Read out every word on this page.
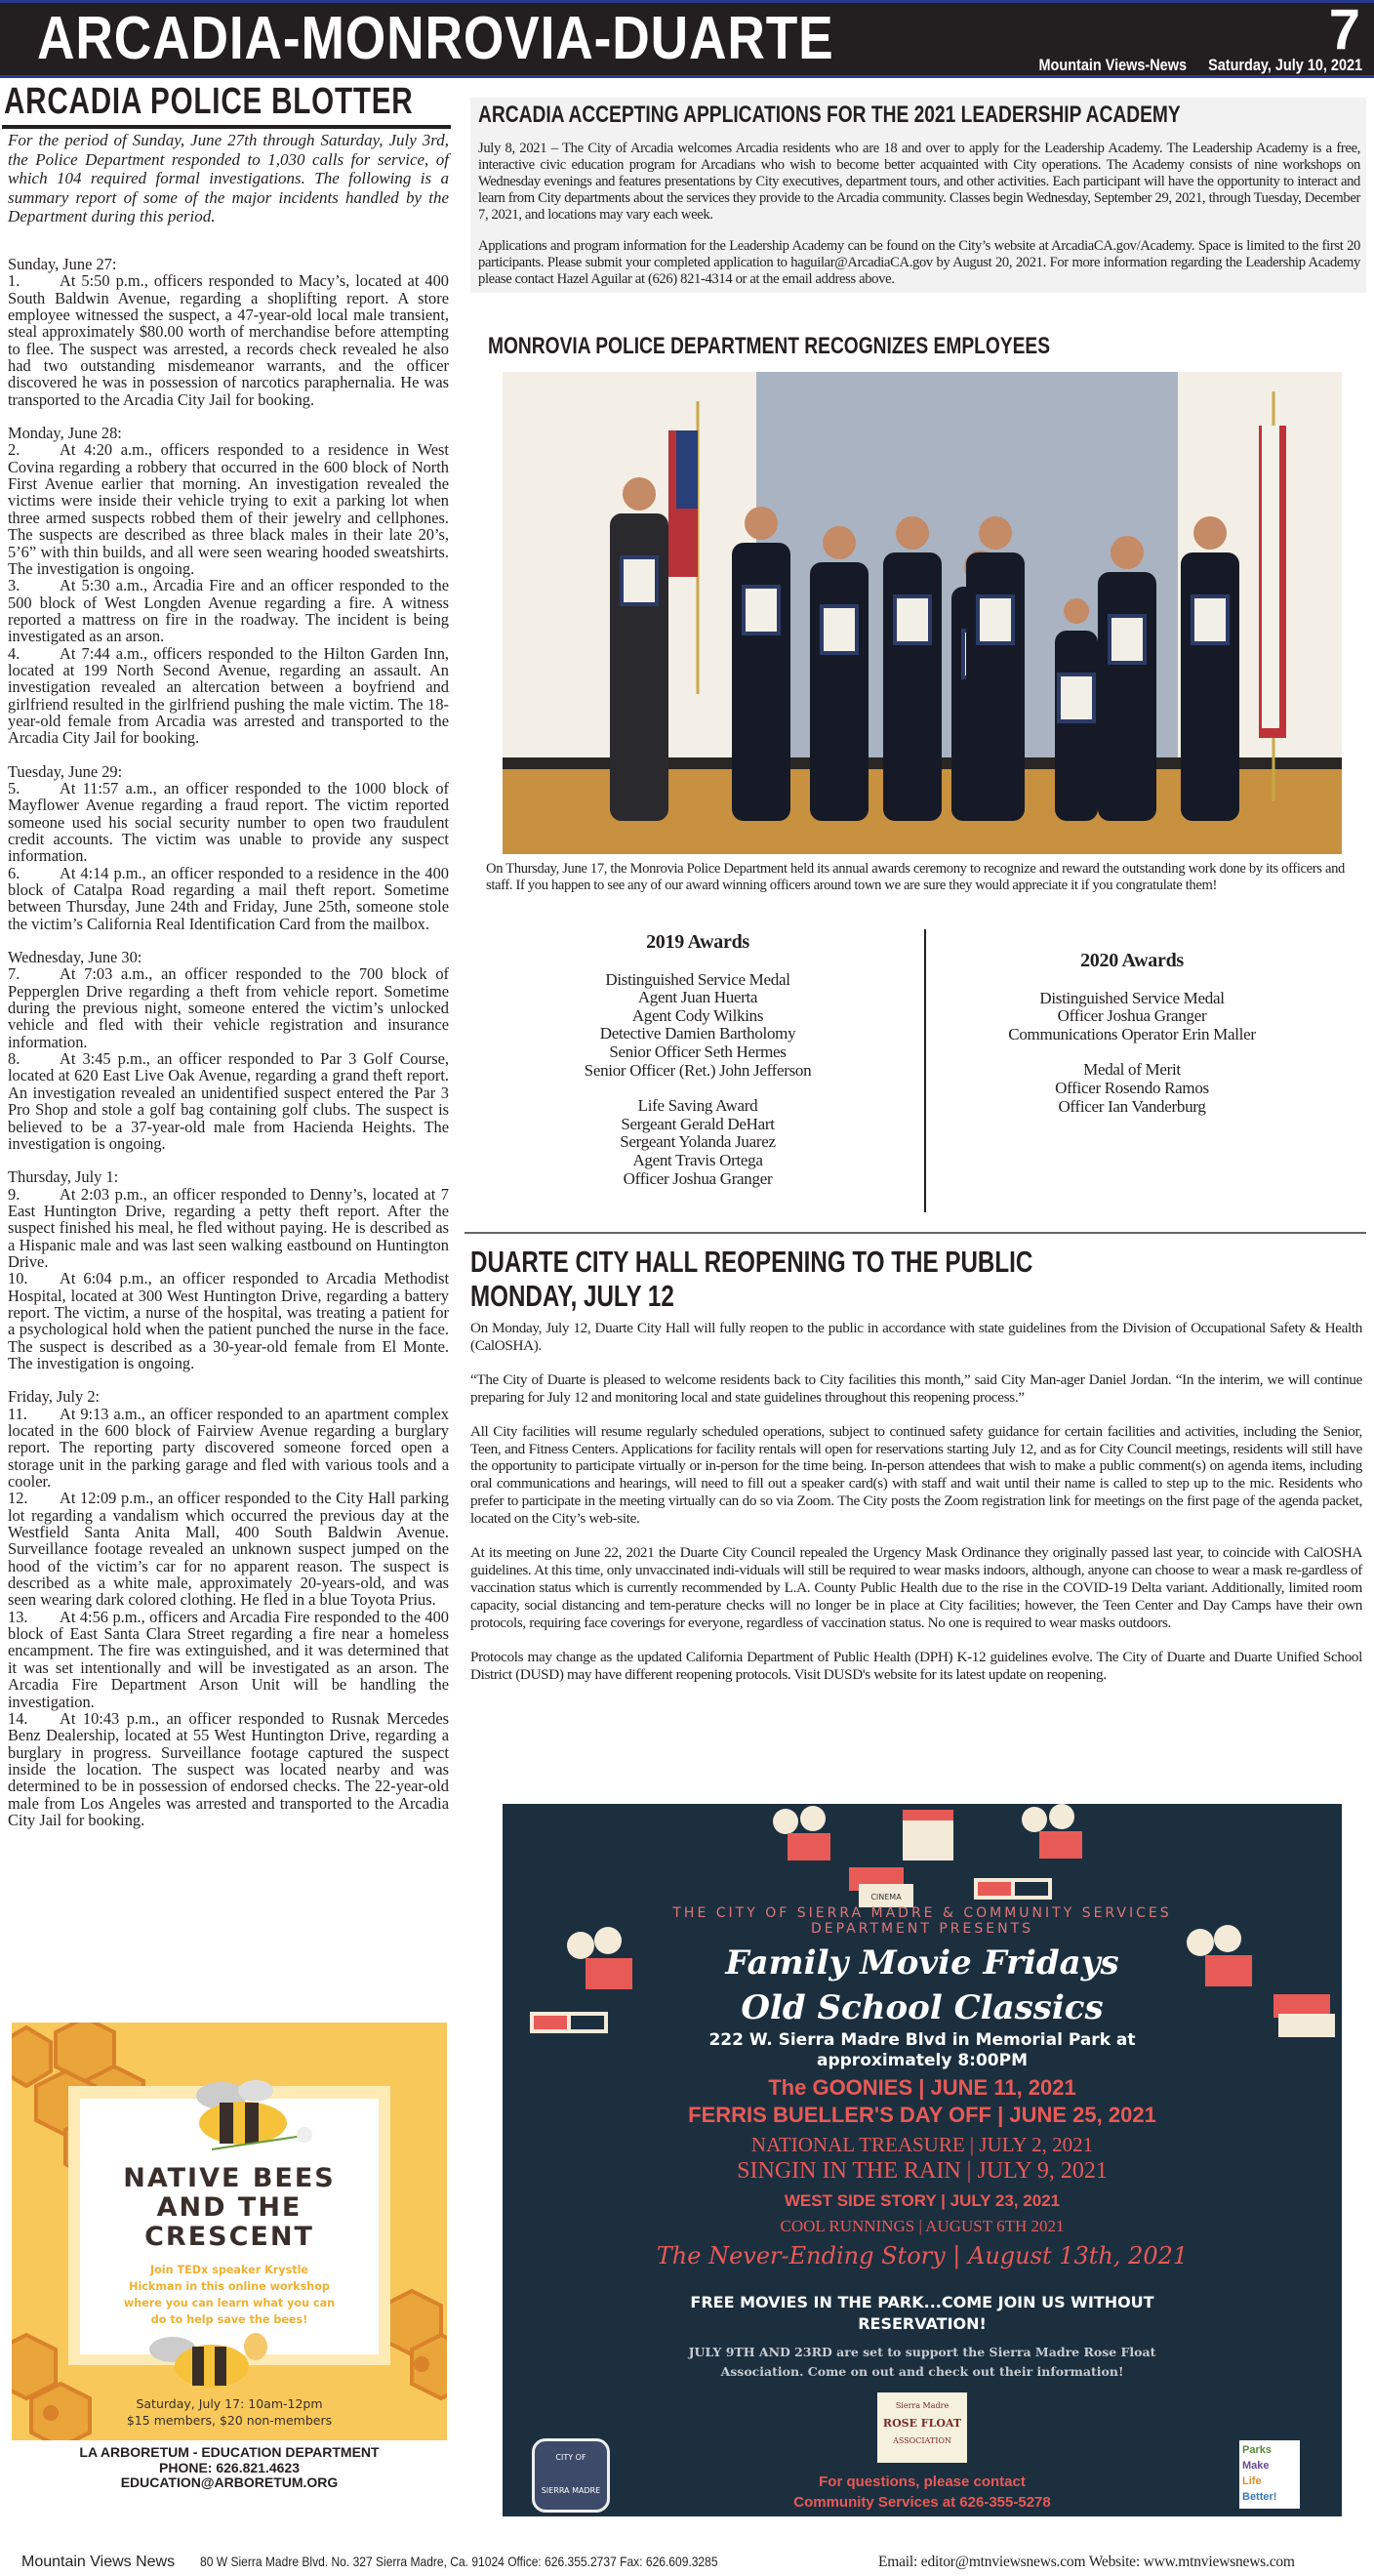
ARCADIA-MONROVIA-DUARTE	7
Mountain Views-News Saturday, July 10, 2021
ARCADIA POLICE BLOTTER
For the period of Sunday, June 27th through Saturday, July 3rd, the Police Department responded to 1,030 calls for service, of which 104 required formal investigations. The following is a summary report of some of the major incidents handled by the Department during this period.
Sunday, June 27:
1. At 5:50 p.m., officers responded to Macy’s, located at 400 South Baldwin Avenue, regarding a shoplifting report. A store employee witnessed the suspect, a 47-year-old local male transient, steal approximately $80.00 worth of merchandise before attempting to flee. The suspect was arrested, a records check revealed he also had two outstanding misdemeanor warrants, and the officer discovered he was in possession of narcotics paraphernalia. He was transported to the Arcadia City Jail for booking.
Monday, June 28:
2. At 4:20 a.m., officers responded to a residence in West Covina regarding a robbery that occurred in the 600 block of North First Avenue earlier that morning. An investigation revealed the victims were inside their vehicle trying to exit a parking lot when three armed suspects robbed them of their jewelry and cellphones. The suspects are described as three black males in their late 20’s, 5’6” with thin builds, and all were seen wearing hooded sweatshirts. The investigation is ongoing.
3. At 5:30 a.m., Arcadia Fire and an officer responded to the 500 block of West Longden Avenue regarding a fire. A witness reported a mattress on fire in the roadway. The incident is being investigated as an arson.
4. At 7:44 a.m., officers responded to the Hilton Garden Inn, located at 199 North Second Avenue, regarding an assault. An investigation revealed an altercation between a boyfriend and girlfriend resulted in the girlfriend pushing the male victim. The 18-year-old female from Arcadia was arrested and transported to the Arcadia City Jail for booking.
Tuesday, June 29:
5. At 11:57 a.m., an officer responded to the 1000 block of Mayflower Avenue regarding a fraud report. The victim reported someone used his social security number to open two fraudulent credit accounts. The victim was unable to provide any suspect information.
6. At 4:14 p.m., an officer responded to a residence in the 400 block of Catalpa Road regarding a mail theft report. Sometime between Thursday, June 24th and Friday, June 25th, someone stole the victim’s California Real Identification Card from the mailbox.
Wednesday, June 30:
7. At 7:03 a.m., an officer responded to the 700 block of Pepperglen Drive regarding a theft from vehicle report. Sometime during the previous night, someone entered the victim’s unlocked vehicle and fled with their vehicle registration and insurance information.
8. At 3:45 p.m., an officer responded to Par 3 Golf Course, located at 620 East Live Oak Avenue, regarding a grand theft report. An investigation revealed an unidentified suspect entered the Par 3 Pro Shop and stole a golf bag containing golf clubs. The suspect is believed to be a 37-year-old male from Hacienda Heights. The investigation is ongoing.
Thursday, July 1:
9. At 2:03 p.m., an officer responded to Denny’s, located at 7 East Huntington Drive, regarding a petty theft report. After the suspect finished his meal, he fled without paying. He is described as a Hispanic male and was last seen walking eastbound on Huntington Drive.
10. At 6:04 p.m., an officer responded to Arcadia Methodist Hospital, located at 300 West Huntington Drive, regarding a battery report. The victim, a nurse of the hospital, was treating a patient for a psychological hold when the patient punched the nurse in the face. The suspect is described as a 30-year-old female from El Monte. The investigation is ongoing.
Friday, July 2:
11. At 9:13 a.m., an officer responded to an apartment complex located in the 600 block of Fairview Avenue regarding a burglary report. The reporting party discovered someone forced open a storage unit in the parking garage and fled with various tools and a cooler.
12. At 12:09 p.m., an officer responded to the City Hall parking lot regarding a vandalism which occurred the previous day at the Westfield Santa Anita Mall, 400 South Baldwin Avenue. Surveillance footage revealed an unknown suspect jumped on the hood of the victim’s car for no apparent reason. The suspect is described as a white male, approximately 20-years-old, and was seen wearing dark colored clothing. He fled in a blue Toyota Prius.
13. At 4:56 p.m., officers and Arcadia Fire responded to the 400 block of East Santa Clara Street regarding a fire near a homeless encampment. The fire was extinguished, and it was determined that it was set intentionally and will be investigated as an arson. The Arcadia Fire Department Arson Unit will be handling the investigation.
14. At 10:43 p.m., an officer responded to Rusnak Mercedes Benz Dealership, located at 55 West Huntington Drive, regarding a burglary in progress. Surveillance footage captured the suspect inside the location. The suspect was located nearby and was determined to be in possession of endorsed checks. The 22-year-old male from Los Angeles was arrested and transported to the Arcadia City Jail for booking.
NATIVE BEES
AND THE
CRESCENT
Join TEDx speaker Krystle
Hickman in this online workshop
where you can learn what you can
do to help save the bees!
Saturday, July 17: 10am-12pm
$15 members, $20 non-members
LA ARBORETUM - EDUCATION DEPARTMENT
PHONE: 626.821.4623
EDUCATION@ARBORETUM.ORG
ARCADIA ACCEPTING APPLICATIONS FOR THE 2021 LEADERSHIP ACADEMY

July 8, 2021 – The City of Arcadia welcomes Arcadia residents who are 18 and over to apply for the Leadership Academy. The Leadership Academy is a free, interactive civic education program for Arcadians who wish to become better acquainted with City operations. The Academy consists of nine workshops on Wednesday evenings and features presentations by City executives, department tours, and other activities. Each participant will have the opportunity to interact and learn from City departments about the services they provide to the Arcadia community. Classes begin Wednesday, September 29, 2021, through Tuesday, December 7, 2021, and locations may vary each week.

Applications and program information for the Leadership Academy can be found on the City’s website at ArcadiaCA.gov/Academy. Space is limited to the first 20 participants. Please submit your completed application to haguilar@ArcadiaCA.gov by August 20, 2021. For more information regarding the Leadership Academy please contact Hazel Aguilar at (626) 821-4314 or at the email address above.

MONROVIA POLICE DEPARTMENT RECOGNIZES EMPLOYEES
On Thursday, June 17, the Monrovia Police Department held its annual awards ceremony to recognize and reward the outstanding work done by its officers and staff. If you happen to see any of our award winning officers around town we are sure they would appreciate it if you congratulate them!
2019 Awards
Distinguished Service Medal
Agent Juan Huerta
Agent Cody Wilkins
Detective Damien Bartholomy
Senior Officer Seth Hermes
Senior Officer (Ret.) John Jefferson
Life Saving Award
Sergeant Gerald DeHart
Sergeant Yolanda Juarez
Agent Travis Ortega
Officer Joshua Granger
2020 Awards
Distinguished Service Medal
Officer Joshua Granger
Communications Operator Erin Maller
Medal of Merit
Officer Rosendo Ramos
Officer Ian Vanderburg
DUARTE CITY HALL REOPENING TO THE PUBLIC
MONDAY, JULY 12

On Monday, July 12, Duarte City Hall will fully reopen to the public in accordance with state guidelines from the Division of Occupational Safety & Health (CalOSHA).

“The City of Duarte is pleased to welcome residents back to City facilities this month,” said City Man-ager Daniel Jordan. “In the interim, we will continue preparing for July 12 and monitoring local and state guidelines throughout this reopening process.”

All City facilities will resume regularly scheduled operations, subject to continued safety guidance for certain facilities and activities, including the Senior, Teen, and Fitness Centers. Applications for facility rentals will open for reservations starting July 12, and as for City Council meetings, residents will still have the opportunity to participate virtually or in-person for the time being. In-person attendees that wish to make a public comment(s) on agenda items, including oral communications and hearings, will need to fill out a speaker card(s) with staff and wait until their name is called to step up to the mic. Residents who prefer to participate in the meeting virtually can do so via Zoom. The City posts the Zoom registration link for meetings on the first page of the agenda packet, located on the City’s web-site.

At its meeting on June 22, 2021 the Duarte City Council repealed the Urgency Mask Ordinance they originally passed last year, to coincide with CalOSHA guidelines. At this time, only unvaccinated indi-viduals will still be required to wear masks indoors, although, anyone can choose to wear a mask re-gardless of vaccination status which is currently recommended by L.A. County Public Health due to the rise in the COVID-19 Delta variant. Additionally, limited room capacity, social distancing and tem-perature checks will no longer be in place at City facilities; however, the Teen Center and Day Camps have their own protocols, requiring face coverings for everyone, regardless of vaccination status. No one is required to wear masks outdoors.

Protocols may change as the updated California Department of Public Health (DPH) K-12 guidelines evolve. The City of Duarte and Duarte Unified School District (DUSD) may have different reopening protocols. Visit DUSD's website for its latest update on reopening.

CINEMA
THE CITY OF SIERRA MADRE & COMMUNITY SERVICES
DEPARTMENT PRESENTS
Family Movie Fridays
Old School Classics
222 W. Sierra Madre Blvd in Memorial Park at
approximately 8:00PM
The GOONIES | JUNE 11, 2021
FERRIS BUELLER'S DAY OFF | JUNE 25, 2021
NATIONAL TREASURE | JULY 2, 2021
SINGIN IN THE RAIN | JULY 9, 2021
WEST SIDE STORY | JULY 23, 2021
COOL RUNNINGS | AUGUST 6TH 2021
The Never-Ending Story | August 13th, 2021
FREE MOVIES IN THE PARK...COME JOIN US WITHOUT
RESERVATION!
JULY 9TH AND 23RD are set to support the Sierra Madre Rose Float
Association. Come on out and check out their information!
Sierra Madre
ROSE FLOAT
ASSOCIATION
CITY OF
SIERRA MADRE
For questions, please contact
Community Services at 626-355-5278
Parks
Make
Life
Better!
Mountain Views News 80 W Sierra Madre Blvd. No. 327 Sierra Madre, Ca. 91024 Office: 626.355.2737 Fax: 626.609.3285	Email: editor@mtnviewsnews.com Website: www.mtnviewsnews.com
